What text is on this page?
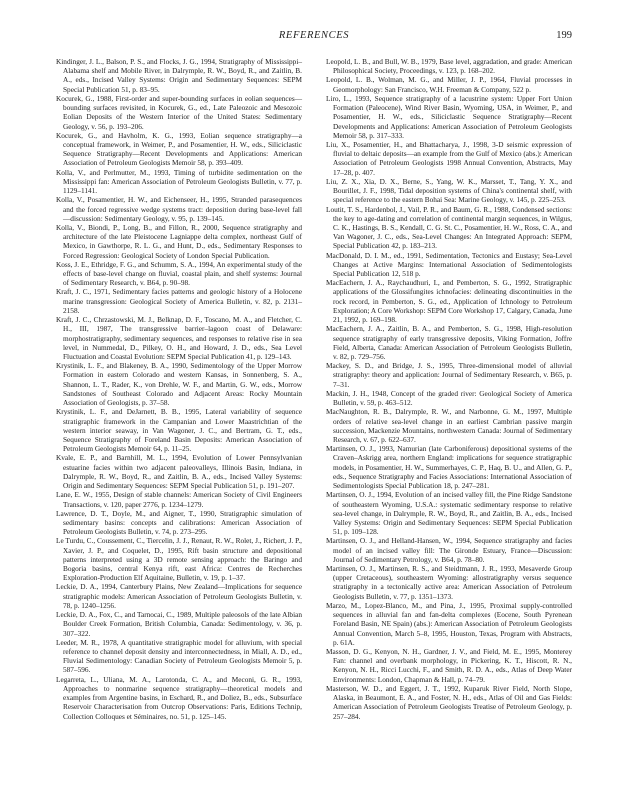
REFERENCES	199

Kindinger, J. L., Balson, P. S., and Flocks, J. G., 1994, Stratigraphy of Mississippi–Alabama shelf and Mobile River, in Dalrymple, R. W., Boyd, R., and Zaitlin, B. A., eds., Incised Valley Systems: Origin and Sedimentary Sequences: SEPM Special Publication 51, p. 83–95.

Kocurek, G., 1988, First-order and super-bounding surfaces in eolian sequences—bounding surfaces revisited, in Kocurek, G., ed., Late Paleozoic and Mesozoic Eolian Deposits of the Western Interior of the United States: Sedimentary Geology, v. 56, p. 193–206.

Kocurek, G., and Havholm, K. G., 1993, Eolian sequence stratigraphy—a conceptual framework, in Weimer, P., and Posamentier, H. W., eds., Siliciclastic Sequence Stratigraphy—Recent Developments and Applications: American Association of Petroleum Geologists Memoir 58, p. 393–409.

Kolla, V., and Perlmutter, M., 1993, Timing of turbidite sedimentation on the Mississippi fan: American Association of Petroleum Geologists Bulletin, v. 77, p. 1129–1141.

Kolla, V., Posamentier, H. W., and Eichenseer, H., 1995, Stranded parasequences and the forced regressive wedge systems tract: deposition during base-level fall—discussion: Sedimentary Geology, v. 95, p. 139–145.

Kolla, V., Biondi, P., Long, B., and Fillon, R., 2000, Sequence stratigraphy and architecture of the late Pleistocene Lagniappe delta complex, northeast Gulf of Mexico, in Gawthorpe, R. L. G., and Hunt, D., eds., Sedimentary Responses to Forced Regression: Geological Society of London Special Publication.

Koss, J. E., Ethridge, F. G., and Schumm, S. A., 1994, An experimental study of the effects of base-level change on fluvial, coastal plain, and shelf systems: Journal of Sedimentary Research, v. B64, p. 90–98.

Kraft, J. C., 1971, Sedimentary facies patterns and geologic history of a Holocene marine transgression: Geological Society of America Bulletin, v. 82, p. 2131–2158.

Kraft, J. C., Chrzastowski, M. J., Belknap, D. F., Toscano, M. A., and Fletcher, C. H., III, 1987, The transgressive barrier–lagoon coast of Delaware: morphostratigraphy, sedimentary sequences, and responses to relative rise in sea level, in Nummedal, D., Pilkey, O. H., and Howard, J. D., eds., Sea Level Fluctuation and Coastal Evolution: SEPM Special Publication 41, p. 129–143.

Krystinik, L. F., and Blakeney, B. A., 1990, Sedimentology of the Upper Morrow Formation in eastern Colorado and western Kansas, in Sonnenberg, S. A., Shannon, L. T., Rader, K., von Drehle, W. F., and Martin, G. W., eds., Morrow Sandstones of Southeast Colorado and Adjacent Areas: Rocky Mountain Association of Geologists, p. 37–58.

Krystinik, L. F., and DeJarnett, B. B., 1995, Lateral variability of sequence stratigraphic framework in the Campanian and Lower Maastrichtian of the western interior seaway, in Van Wagoner, J. C., and Bertram, G. T., eds., Sequence Stratigraphy of Foreland Basin Deposits: American Association of Petroleum Geologists Memoir 64, p. 11–25.

Kvale, E. P., and Barnhill, M. L., 1994, Evolution of Lower Pennsylvanian estuarine facies within two adjacent paleovalleys, Illinois Basin, Indiana, in Dalrymple, R. W., Boyd, R., and Zaitlin, B. A., eds., Incised Valley Systems: Origin and Sedimentary Sequences: SEPM Special Publication 51, p. 191–207.

Lane, E. W., 1955, Design of stable channels: American Society of Civil Engineers Transactions, v. 120, paper 2776, p. 1234–1279.

Lawrence, D. T., Doyle, M., and Aigner, T., 1990, Stratigraphic simulation of sedimentary basins: concepts and calibrations: American Association of Petroleum Geologists Bulletin, v. 74, p. 273–295.

Le Turdu, C., Coussement, C., Tiercelin, J. J., Renaut, R. W., Rolet, J., Richert, J. P., Xavier, J. P., and Coquelet, D., 1995, Rift basin structure and depositional patterns interpreted using a 3D remote sensing approach: the Baringo and Bogoria basins, central Kenya rift, east Africa: Centres de Recherches Exploration-Production Elf Aquitaine, Bulletin, v. 19, p. 1–37.

Leckie, D. A., 1994, Canterbury Plains, New Zealand—Implications for sequence stratigraphic models: American Association of Petroleum Geologists Bulletin, v. 78, p. 1240–1256.

Leckie, D. A., Fox, C., and Tarnocai, C., 1989, Multiple paleosols of the late Albian Boulder Creek Formation, British Columbia, Canada: Sedimentology, v. 36, p. 307–322.

Leeder, M. R., 1978, A quantitative stratigraphic model for alluvium, with special reference to channel deposit density and interconnectedness, in Miall, A. D., ed., Fluvial Sedimentology: Canadian Society of Petroleum Geologists Memoir 5, p. 587–596.

Legarreta, L., Uliana, M. A., Larotonda, C. A., and Meconi, G. R., 1993, Approaches to nonmarine sequence stratigraphy—theoretical models and examples from Argentine basins, in Eschard, R., and Doliez, B., eds., Subsurface Reservoir Characterisation from Outcrop Observations: Paris, Editions Technip, Collection Colloques et Séminaires, no. 51, p. 125–145.

Leopold, L. B., and Bull, W. B., 1979, Base level, aggradation, and grade: American Philosophical Society, Proceedings, v. 123, p. 168–202.

Leopold, L. B., Wolman, M. G., and Miller, J. P., 1964, Fluvial processes in Geomorphology: San Francisco, W.H. Freeman & Company, 522 p.

Liro, L., 1993, Sequence stratigraphy of a lacustrine system: Upper Fort Union Formation (Paleocene), Wind River Basin, Wyoming, USA, in Weimer, P., and Posamentier, H. W., eds., Siliciclastic Sequence Stratigraphy—Recent Developments and Applications: American Association of Petroleum Geologists Memoir 58, p. 317–333.

Liu, X., Posamentier, H., and Bhattacharya, J., 1998, 3-D seismic expression of fluvial to deltaic deposits—an example from the Gulf of Mexico (abs.): American Association of Petroleum Geologists 1998 Annual Convention, Abstracts, May 17–28, p. 407.

Liu, Z. X., Xia, D. X., Berne, S., Yang, W. K., Marsset, T., Tang, Y. X., and Bourillet, J. F., 1998, Tidal deposition systems of China's continental shelf, with special reference to the eastern Bohai Sea: Marine Geology, v. 145, p. 225–253.

Loutit, T. S., Hardenbol, J., Vail, P. R., and Baum, G. R., 1988, Condensed sections: the key to age-dating and correlation of continental margin sequences, in Wilgus, C. K., Hastings, B. S., Kendall, C. G. St. C., Posamentier, H. W., Ross, C. A., and Van Wagoner, J. C., eds., Sea-Level Changes: An Integrated Approach: SEPM, Special Publication 42, p. 183–213.

MacDonald, D. I. M., ed., 1991, Sedimentation, Tectonics and Eustasy; Sea-Level Changes at Active Margins: International Association of Sedimentologists Special Publication 12, 518 p.

MacEachern, J. A., Raychaudhuri, I., and Pemberton, S. G., 1992, Stratigraphic applications of the Glossifungites ichnofacies: delineating discontinuities in the rock record, in Pemberton, S. G., ed., Application of Ichnology to Petroleum Exploration; A Core Workshop: SEPM Core Workshop 17, Calgary, Canada, June 21, 1992, p. 169–198.

MacEachern, J. A., Zaitlin, B. A., and Pemberton, S. G., 1998, High-resolution sequence stratigraphy of early transgressive deposits, Viking Formation, Joffre Field, Alberta, Canada: American Association of Petroleum Geologists Bulletin, v. 82, p. 729–756.

Mackey, S. D., and Bridge, J. S., 1995, Three-dimensional model of alluvial stratigraphy: theory and application: Journal of Sedimentary Research, v. B65, p. 7–31.

Mackin, J. H., 1948, Concept of the graded river: Geological Society of America Bulletin, v. 59, p. 463–512.

MacNaughton, R. B., Dalrymple, R. W., and Narbonne, G. M., 1997, Multiple orders of relative sea-level change in an earliest Cambrian passive margin succession, Mackenzie Mountains, northwestern Canada: Journal of Sedimentary Research, v. 67, p. 622–637.

Martinsen, O. J., 1993, Namurian (late Carboniferous) depositional systems of the Craven–Askrigg area, northern England: implications for sequence stratigraphic models, in Posamentier, H. W., Summerhayes, C. P., Haq, B. U., and Allen, G. P., eds., Sequence Stratigraphy and Facies Associations: International Association of Sedimentologists Special Publication 18, p. 247–281.

Martinsen, O. J., 1994, Evolution of an incised valley fill, the Pine Ridge Sandstone of southeastern Wyoming, U.S.A.: systematic sedimentary response to relative sea-level change, in Dalrymple, R. W., Boyd, R., and Zaitlin, B. A., eds., Incised Valley Systems: Origin and Sedimentary Sequences: SEPM Special Publication 51, p. 109–128.

Martinsen, O. J., and Helland-Hansen, W., 1994, Sequence stratigraphy and facies model of an incised valley fill: The Gironde Estuary, France—Discussion: Journal of Sedimentary Petrology, v. B64, p. 78–80.

Martinsen, O. J., Martinsen, R. S., and Steidtmann, J. R., 1993, Mesaverde Group (upper Cretaceous), southeastern Wyoming: allostratigraphy versus sequence stratigraphy in a tectonically active area: American Association of Petroleum Geologists Bulletin, v. 77, p. 1351–1373.

Marzo, M., Lopez-Blanco, M., and Pina, J., 1995, Proximal supply-controlled sequences in alluvial fan and fan-delta complexes (Eocene, South Pyrenean Foreland Basin, NE Spain) (abs.): American Association of Petroleum Geologists Annual Convention, March 5–8, 1995, Houston, Texas, Program with Abstracts, p. 61A.

Masson, D. G., Kenyon, N. H., Gardner, J. V., and Field, M. E., 1995, Monterey Fan: channel and overbank morphology, in Pickering, K. T., Hiscott, R. N., Kenyon, N. H., Ricci Lucchi, F., and Smith, R. D. A., eds., Atlas of Deep Water Environments: London, Chapman & Hall, p. 74–79.

Masterson, W. D., and Eggert, J. T., 1992, Kuparuk River Field, North Slope, Alaska, in Beaumont, E. A., and Foster, N. H., eds., Atlas of Oil and Gas Fields: American Association of Petroleum Geologists Treatise of Petroleum Geology, p. 257–284.
